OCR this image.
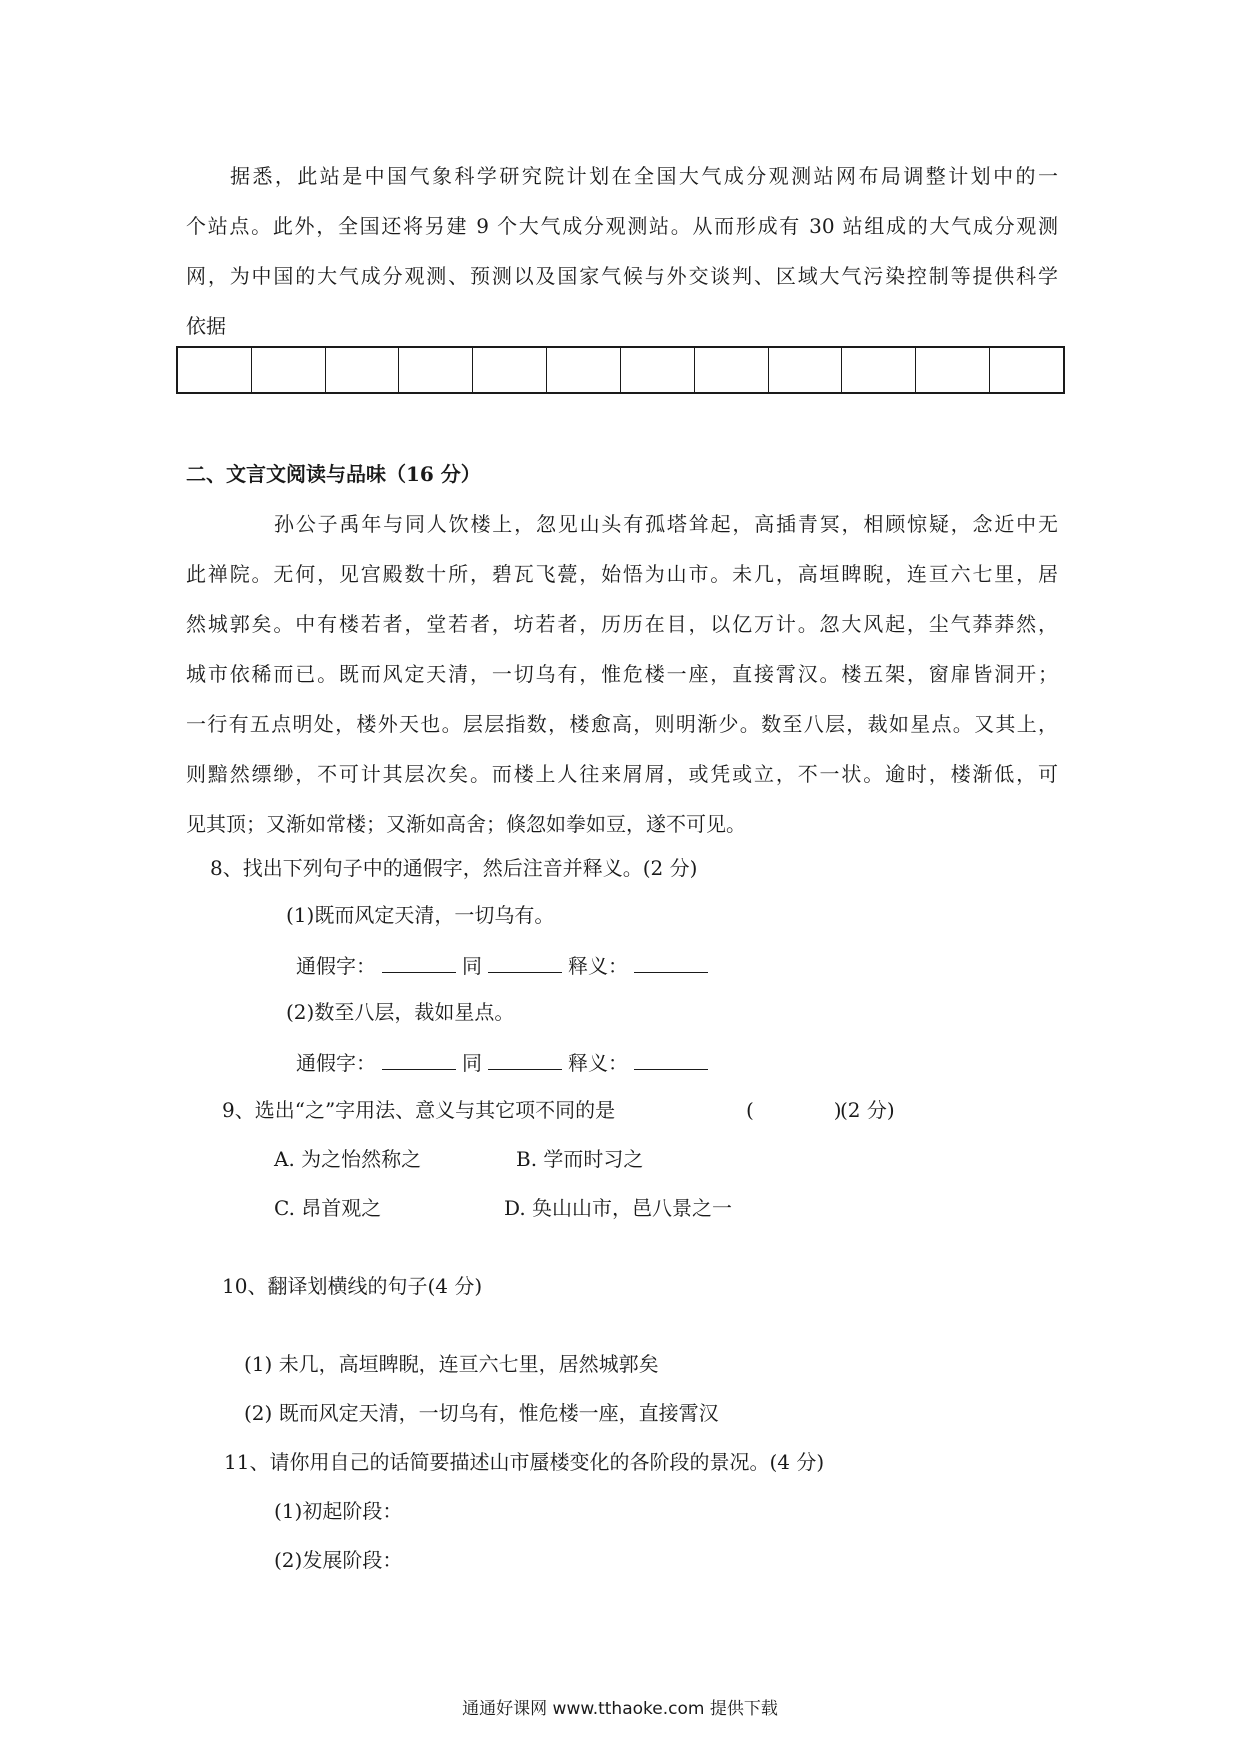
据悉，此站是中国气象科学研究院计划在全国大气成分观测站网布局调整计划中的一
个站点。此外，全国还将另建 9 个大气成分观测站。从而形成有 30 站组成的大气成分观测
网，为中国的大气成分观测、预测以及国家气候与外交谈判、区域大气污染控制等提供科学
依据
二、文言文阅读与品味（16 分）
孙公子禹年与同人饮楼上，忽见山头有孤塔耸起，高插青冥，相顾惊疑，念近中无
此禅院。无何，见宫殿数十所，碧瓦飞甍，始悟为山市。未几，高垣睥睨，连亘六七里，居
然城郭矣。中有楼若者，堂若者，坊若者，历历在目，以亿万计。忽大风起，尘气莽莽然，
城市依稀而已。既而风定天清，一切乌有，惟危楼一座，直接霄汉。楼五架，窗扉皆洞开；
一行有五点明处，楼外天也。层层指数，楼愈高，则明渐少。数至八层，裁如星点。又其上，
则黯然缥缈，不可计其层次矣。而楼上人往来屑屑，或凭或立，不一状。逾时，楼渐低，可
见其顶；又渐如常楼；又渐如高舍；倏忽如拳如豆，遂不可见。
8、找出下列句子中的通假字，然后注音并释义。(2 分)
(1)既而风定天清，一切乌有。
通假字：	同	释义：
(2)数至八层，裁如星点。
通假字：	同	释义：
9、选出“之”字用法、意义与其它项不同的是	(　　　　)
(2 分)
A. 为之怡然称之	B. 学而时习之
C. 昂首观之	D. 奂山山市，邑八景之一
10、翻译划横线的句子(4 分)
(1) 未几，高垣睥睨，连亘六七里，居然城郭矣
(2) 既而风定天清，一切乌有，惟危楼一座，直接霄汉
11、请你用自己的话简要描述山市蜃楼变化的各阶段的景况。(4 分)
(1)初起阶段：
(2)发展阶段：
通通好课网 www.tthaoke.com 提供下载
